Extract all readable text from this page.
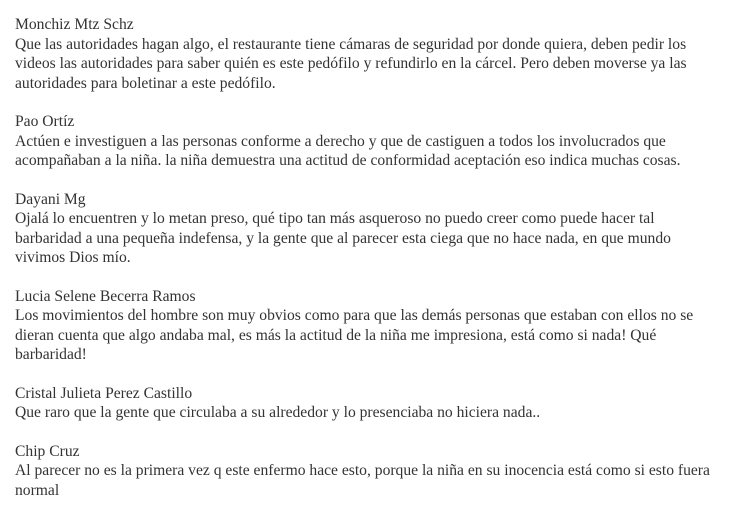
Monchiz Mtz Schz
Que las autoridades hagan algo, el restaurante tiene cámaras de seguridad por donde quiera, deben pedir los videos las autoridades para saber quién es este pedófilo y refundirlo en la cárcel. Pero deben moverse ya las autoridades para boletinar a este pedófilo.
Pao Ortíz
Actúen e investiguen a las personas conforme a derecho y que de castiguen a todos los involucrados que acompañaban a la niña. la niña demuestra una actitud de conformidad aceptación eso indica muchas cosas.
Dayani Mg
Ojalá lo encuentren y lo metan preso, qué tipo tan más asqueroso no puedo creer como puede hacer tal barbaridad a una pequeña indefensa, y la gente que al parecer esta ciega que no hace nada, en que mundo vivimos Dios mío.
Lucia Selene Becerra Ramos
Los movimientos del hombre son muy obvios como para que las demás personas que estaban con ellos no se dieran cuenta que algo andaba mal, es más la actitud de la niña me impresiona, está como si nada! Qué barbaridad!
Cristal Julieta Perez Castillo
Que raro que la gente que circulaba a su alrededor y lo presenciaba no hiciera nada..
Chip Cruz
Al parecer no es la primera vez q este enfermo hace esto, porque la niña en su inocencia está como si esto fuera normal
